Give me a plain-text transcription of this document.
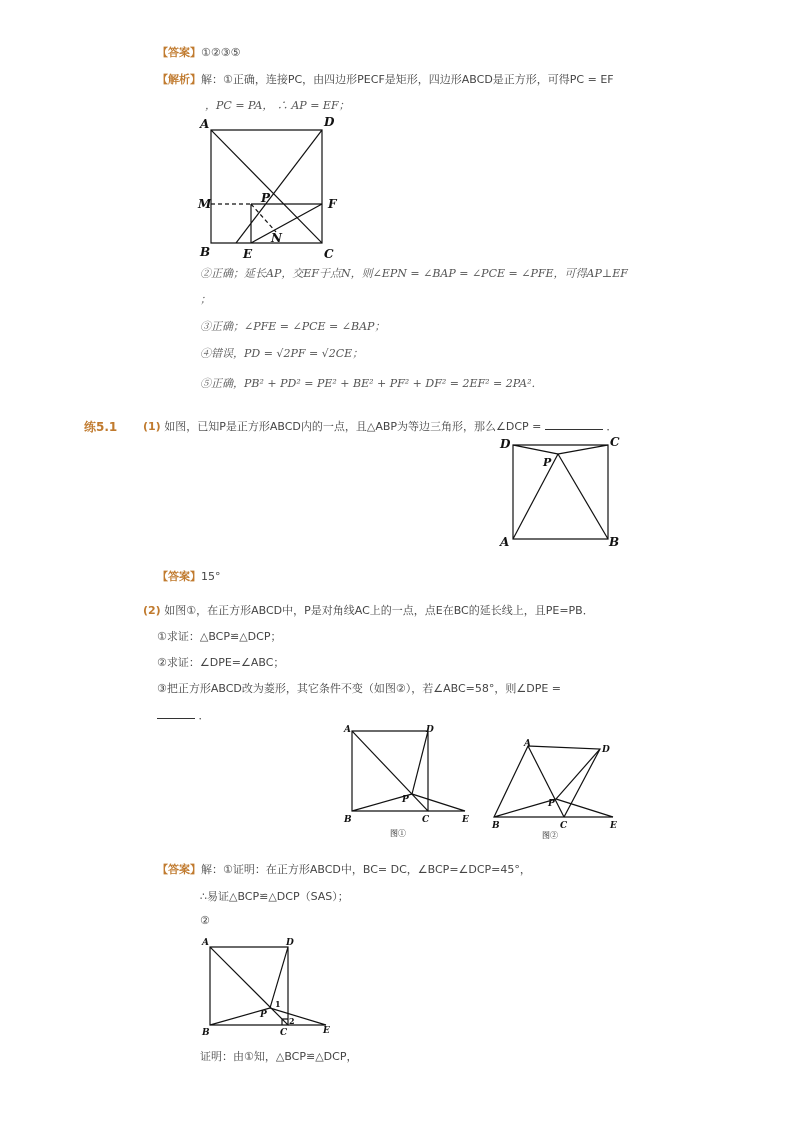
【答案】①②③⑤
【解析】解：①正确，连接PC，由四边形PECF是矩形，四边形ABCD是正方形，可得PC = EF
，PC = PA， ∴ AP = EF；
A	D
M	P	F
B	E
N
C
②正确；延长AP，交EF于点N，则∠EPN = ∠BAP = ∠PCE = ∠PFE，可得AP⊥EF
；
③正确；∠PFE = ∠PCE = ∠BAP；
④错误，PD = √2PF = √2CE；
⑤正确，PB² + PD² = PE² + BE² + PF² + DF² = 2EF² = 2PA²．
练5.1 (1) 如图，已知P是正方形ABCD内的一点，且△ABP为等边三角形，那么∠DCP =	．
D	C
P
A	B
【答案】15°
(2) 如图①，在正方形ABCD中，P是对角线AC上的一点，点E在BC的延长线上，且PE=PB．
①求证：△BCP≌△DCP；
②求证：∠DPE=∠ABC；
③把正方形ABCD改为菱形，其它条件不变（如图②），若∠ABC=58°，则∠DPE =
．
A	D
P
B	C	E
图①
A
D
P
B	C	E
图②
【答案】解：①证明：在正方形ABCD中，BC= DC，∠BCP=∠DCP=45°，
∴易证△BCP≌△DCP（SAS）；
②
A	D
P
B	C	E
1
2
证明：由①知，△BCP≌△DCP，
